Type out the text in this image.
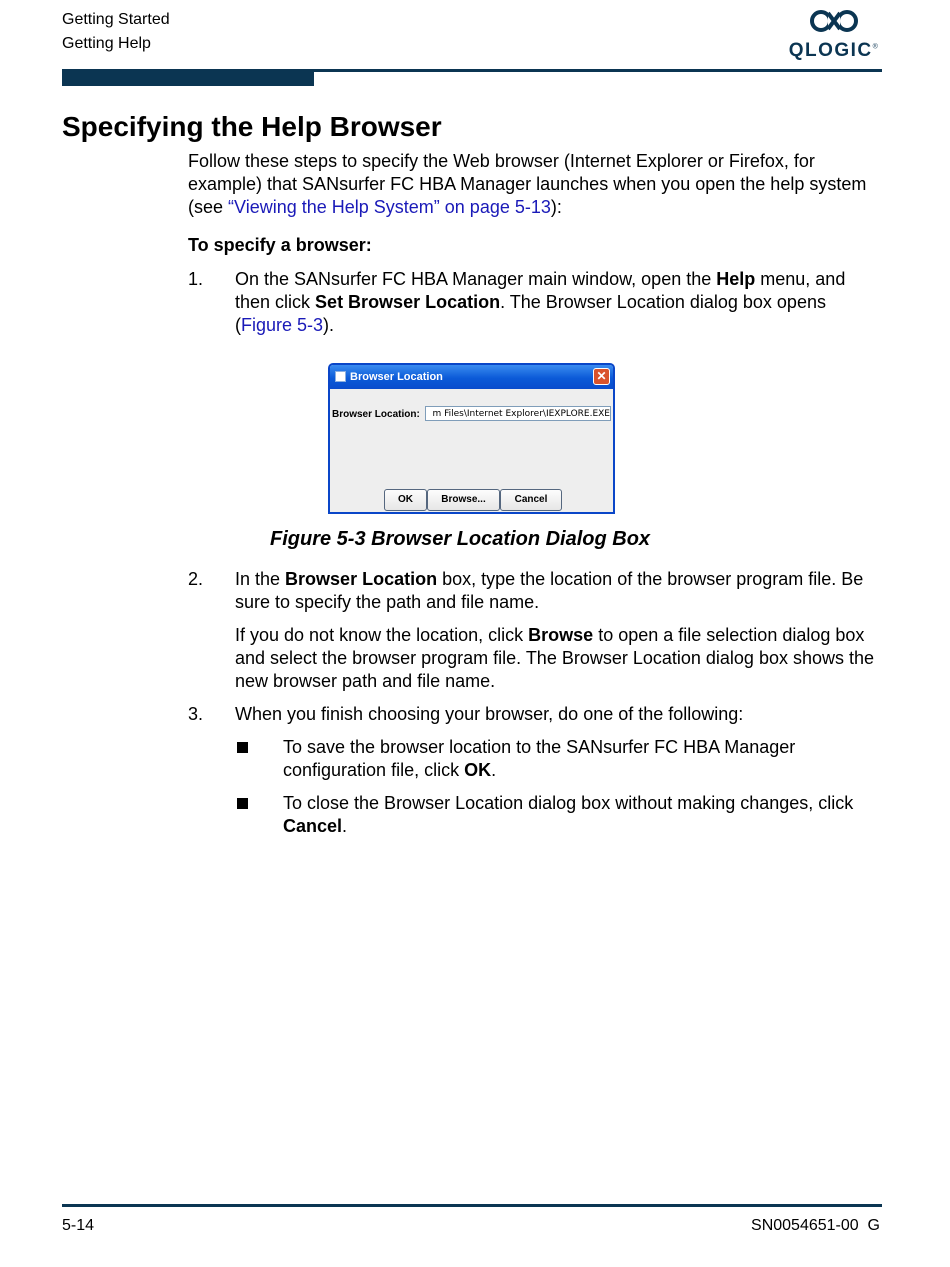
Getting Started
Getting Help	QLOGIC®
Specifying the Help Browser

Follow these steps to specify the Web browser (Internet Explorer or Firefox, for example) that SANsurfer FC HBA Manager launches when you open the help system (see “Viewing the Help System” on page 5-13):

To specify a browser:

1. On the SANsurfer FC HBA Manager main window, open the Help menu, and then click Set Browser Location. The Browser Location dialog box opens (Figure 5-3).

Browser Location	✕
Browser Location:
m Files\Internet Explorer\IEXPLORE.EXE
OK	Browse...	Cancel
Figure 5-3 Browser Location Dialog Box
2. In the Browser Location box, type the location of the browser program file. Be sure to specify the path and file name.

If you do not know the location, click Browse to open a file selection dialog box and select the browser program file. The Browser Location dialog box shows the new browser path and file name.

3. When you finish choosing your browser, do one of the following:

To save the browser location to the SANsurfer FC HBA Manager configuration file, click OK.

To close the Browser Location dialog box without making changes, click Cancel.

5-14	SN0054651-00  G
